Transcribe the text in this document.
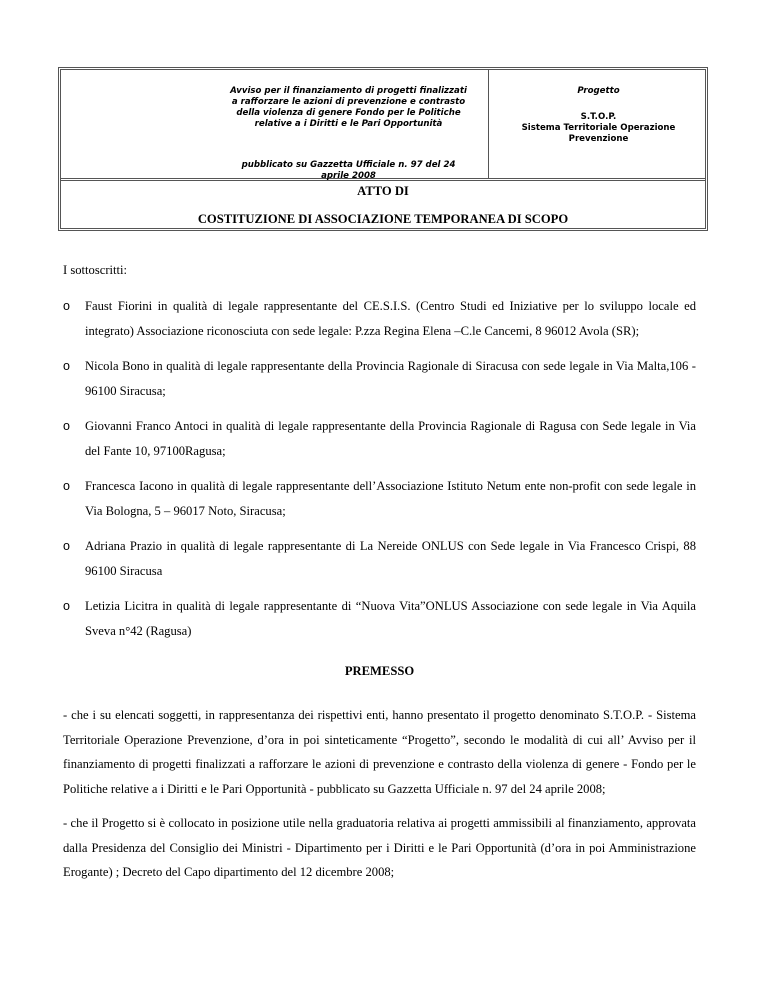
Avviso per il finanziamento di progetti finalizzati
a rafforzare le azioni di prevenzione e contrasto
della violenza di genere Fondo per le Politiche
relative a i Diritti e le Pari Opportunità
pubblicato su Gazzetta Ufficiale n. 97 del 24
aprile 2008
Progetto
S.T.O.P.
Sistema Territoriale Operazione
Prevenzione
ATTO DI
COSTITUZIONE DI ASSOCIAZIONE TEMPORANEA DI SCOPO

I sottoscritti:

o Faust Fiorini in qualità di legale rappresentante del CE.S.I.S. (Centro Studi ed Iniziative per lo sviluppo locale ed integrato) Associazione riconosciuta con sede legale: P.zza Regina Elena –C.le Cancemi, 8 96012 Avola (SR);
o Nicola Bono in qualità di legale rappresentante della Provincia Ragionale di Siracusa con sede legale in Via Malta,106 - 96100 Siracusa;
o Giovanni Franco Antoci in qualità di legale rappresentante della Provincia Ragionale di Ragusa con Sede legale in Via del Fante 10, 97100Ragusa;
o Francesca Iacono in qualità di legale rappresentante dell’Associazione Istituto Netum ente non-profit con sede legale in Via Bologna, 5 – 96017 Noto, Siracusa;
o Adriana Prazio in qualità di legale rappresentante di La Nereide ONLUS con Sede legale in Via Francesco Crispi, 88 96100 Siracusa
o Letizia Licitra in qualità di legale rappresentante di “Nuova Vita”ONLUS Associazione con sede legale in Via Aquila Sveva n°42 (Ragusa)
PREMESSO

- che i su elencati soggetti, in rappresentanza dei rispettivi enti, hanno presentato il progetto denominato S.T.O.P. - Sistema Territoriale Operazione Prevenzione, d’ora in poi sinteticamente “Progetto”, secondo le modalità di cui all’ Avviso per il finanziamento di progetti finalizzati a rafforzare le azioni di prevenzione e contrasto della violenza di genere - Fondo per le Politiche relative a i Diritti e le Pari Opportunità - pubblicato su Gazzetta Ufficiale n. 97 del 24 aprile 2008;

- che il Progetto si è collocato in posizione utile nella graduatoria relativa ai progetti ammissibili al finanziamento, approvata dalla Presidenza del Consiglio dei Ministri - Dipartimento per i Diritti e le Pari Opportunità (d’ora in poi Amministrazione Erogante) ; Decreto del Capo dipartimento del 12 dicembre 2008;
